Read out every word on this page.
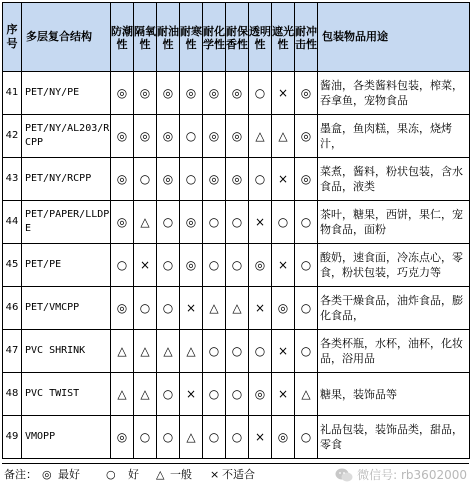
序号	多层复合结构	防潮性	隔氧性	耐油性	耐寒性	耐化学性	耐保香性	透明性	遮光性	耐冲击性	包装物品用途
41	PET/NY/PE	◎	◎	◎	◎	◎	◎	○	×	◎	酱油，各类酱料包装，榨菜，吞拿鱼，宠物食品
42	PET/NY/AL203/RCPP	◎	◎	◎	○	◎	◎	△	△	◎	墨盒，鱼肉糕，果冻，烧烤汁，
43	PET/NY/RCPP	◎	○	◎	○	◎	◎	○	×	◎	菜煮，酱料，粉状包装，含水食品，液类
44	PET/PAPER/LLDPE	◎	△	○	◎	○	○	×	○	○	茶叶，糖果，西饼，果仁，宠物食品，面粉
45	PET/PE	○	×	○	◎	○	○	◎	×	○	酸奶，速食面，冷冻点心，零食，粉状包装，巧克力等
46	PET/VMCPP	◎	○	○	×	△	△	×	◎	○	各类干燥食品，油炸食品，膨化食品，
47	PVC SHRINK	△	△	△	△	○	○	○	×	○	各类杯瓶，水杯，油杯，化妆品，浴用品
48	PVC TWIST	△	△	○	×	○	○	◎	×	△	糖果，装饰品等
49	VMOPP	◎	○	○	△	○	○	×	◎	○	礼品包装，装饰品类，甜品，零食
备注： ◎ 最好 ○ 好 △ 一般 × 不适合	微信号: rb3602000
